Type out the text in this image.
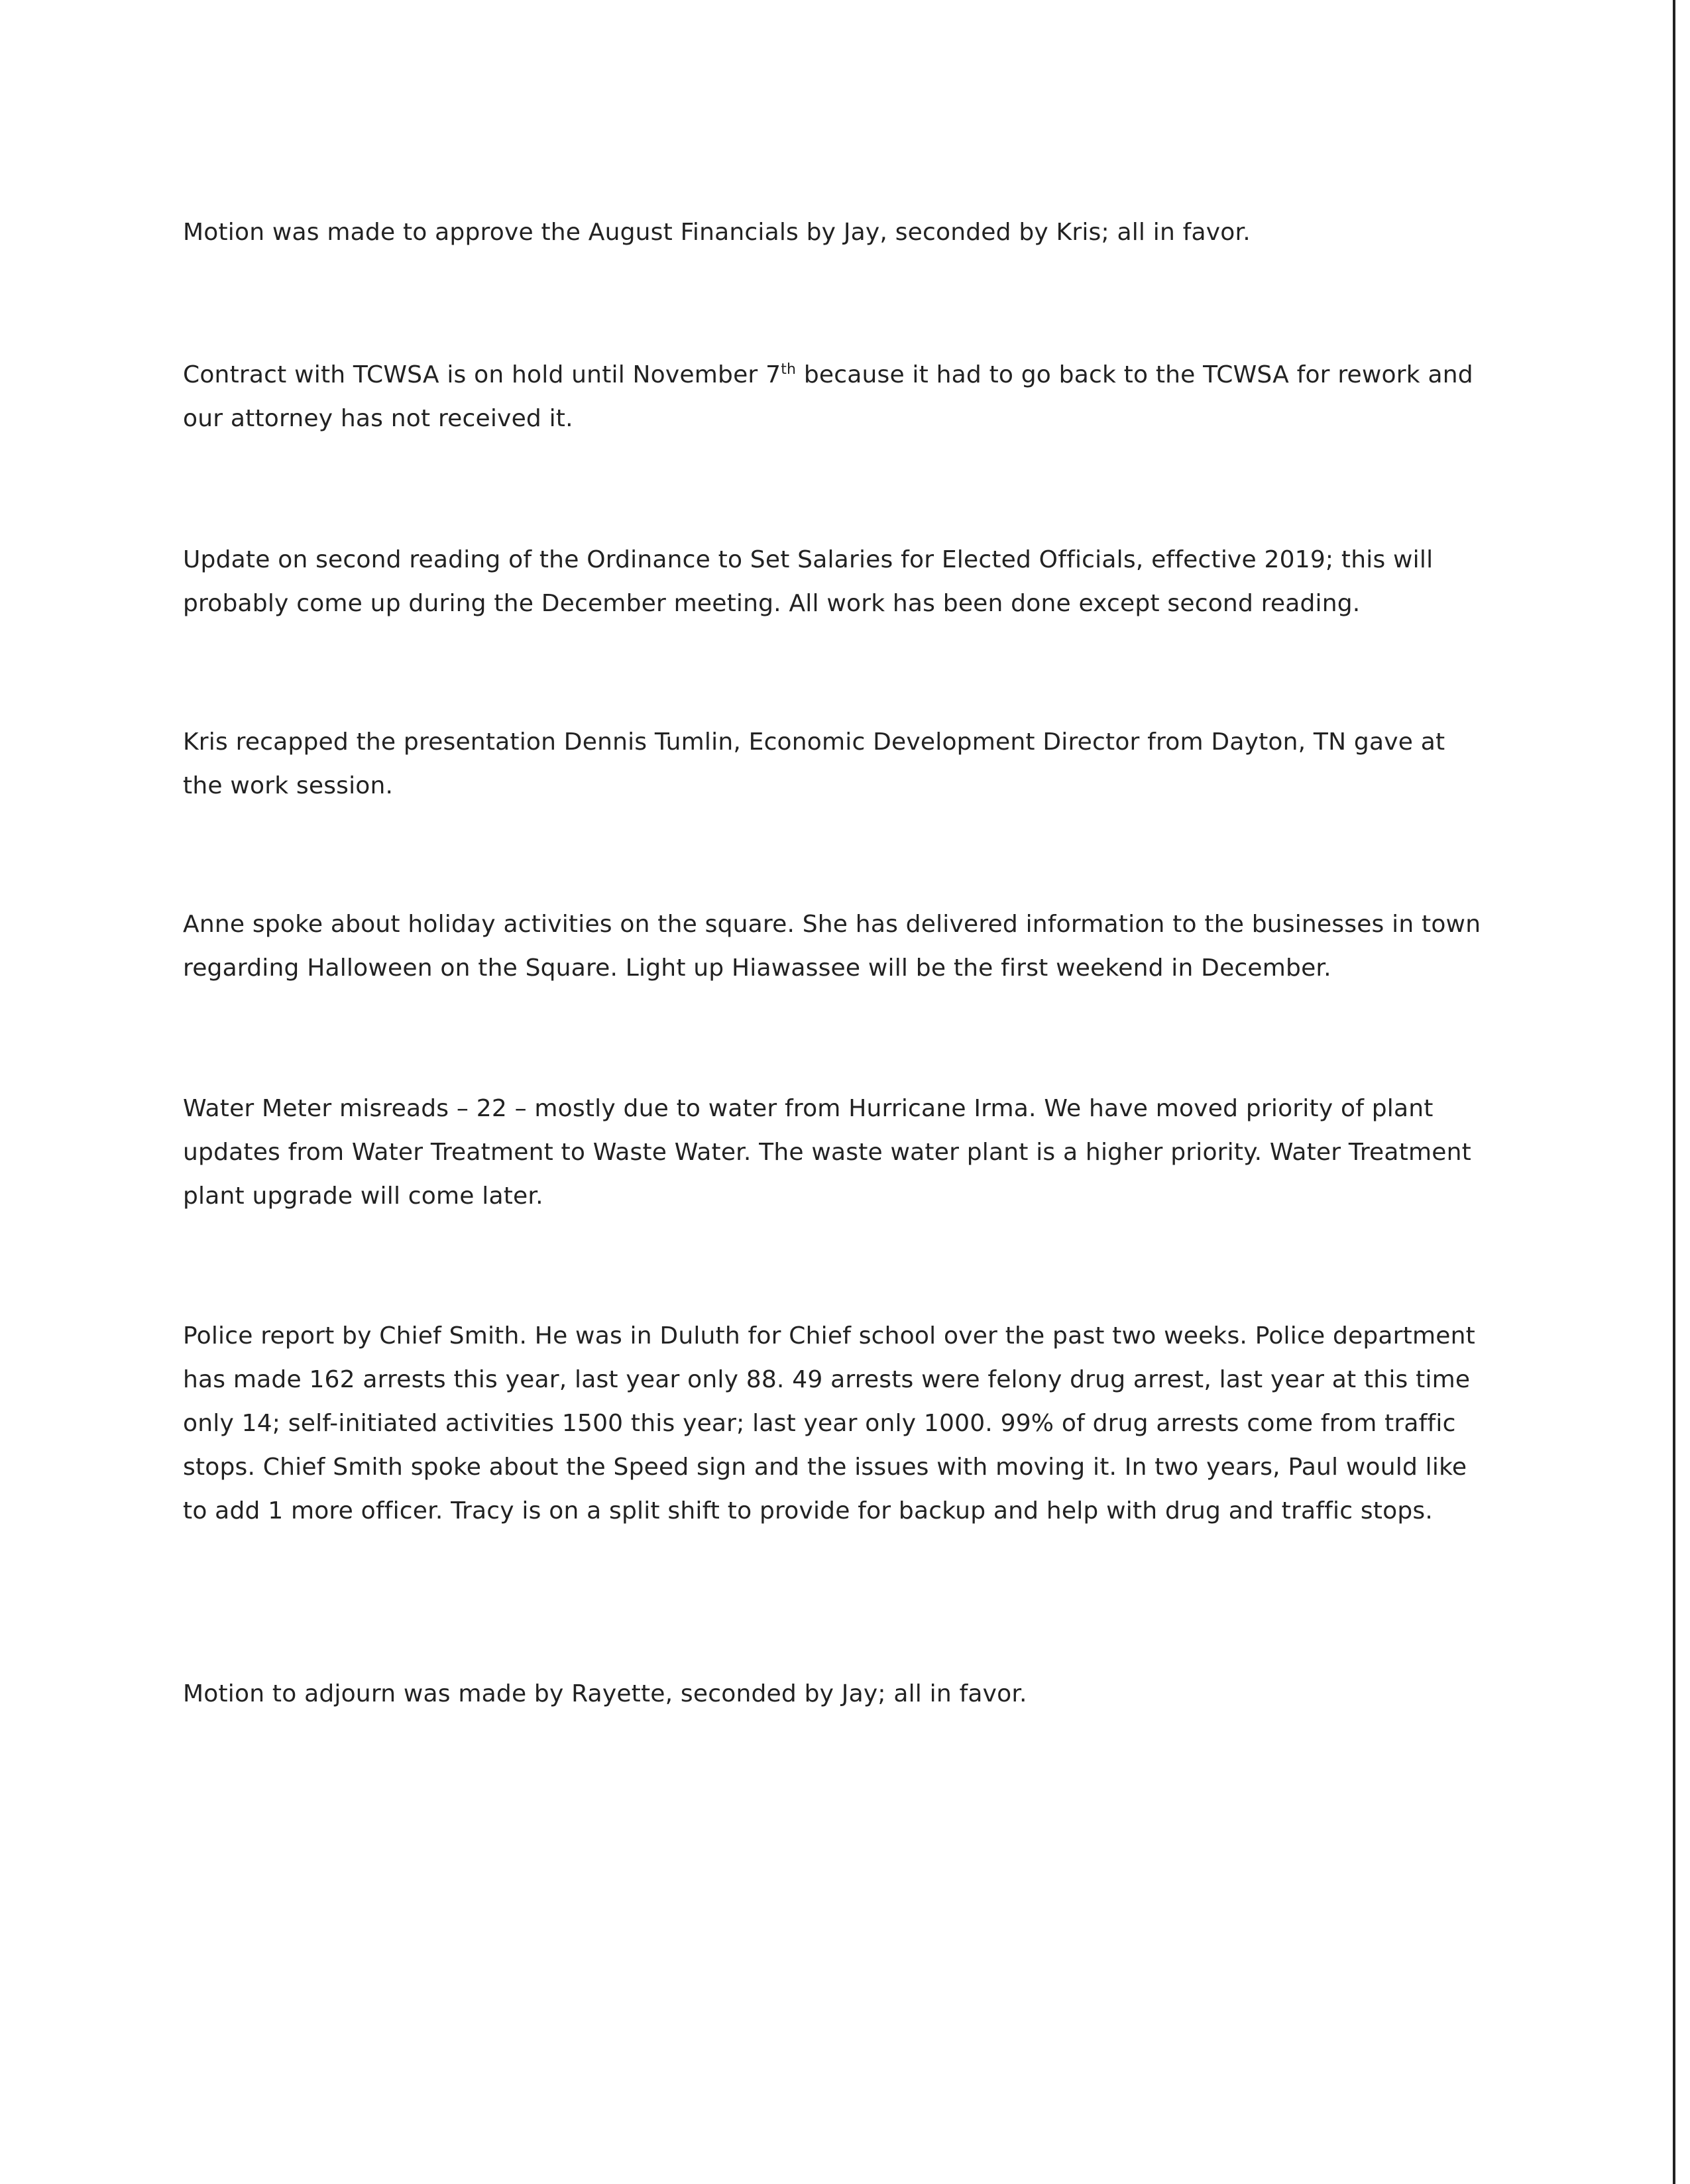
Motion was made to approve the August Financials by Jay, seconded by Kris; all in favor.

Contract with TCWSA is on hold until November 7th because it had to go back to the TCWSA for rework and our attorney has not received it.

Update on second reading of the Ordinance to Set Salaries for Elected Officials, effective 2019; this will probably come up during the December meeting. All work has been done except second reading.

Kris recapped the presentation Dennis Tumlin, Economic Development Director from Dayton, TN gave at the work session.

Anne spoke about holiday activities on the square. She has delivered information to the businesses in town regarding Halloween on the Square. Light up Hiawassee will be the first weekend in December.

Water Meter misreads – 22 – mostly due to water from Hurricane Irma. We have moved priority of plant updates from Water Treatment to Waste Water. The waste water plant is a higher priority. Water Treatment plant upgrade will come later.

Police report by Chief Smith. He was in Duluth for Chief school over the past two weeks. Police department has made 162 arrests this year, last year only 88. 49 arrests were felony drug arrest, last year at this time only 14; self-initiated activities 1500 this year; last year only 1000. 99% of drug arrests come from traffic stops. Chief Smith spoke about the Speed sign and the issues with moving it. In two years, Paul would like to add 1 more officer. Tracy is on a split shift to provide for backup and help with drug and traffic stops.

Motion to adjourn was made by Rayette, seconded by Jay; all in favor.
